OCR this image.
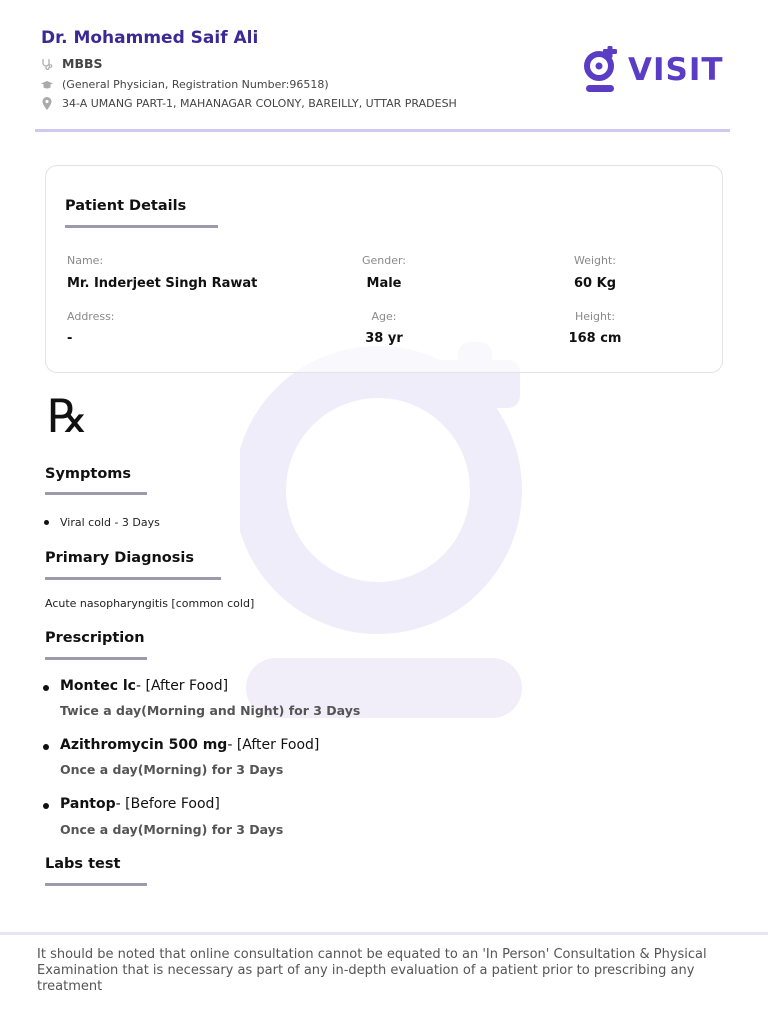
Dr. Mohammed Saif Ali
MBBS
(General Physician, Registration Number:96518)
34-A UMANG PART-1, MAHANAGAR COLONY, BAREILLY, UTTAR PRADESH
VISIT
Patient Details
Name:
Mr. Inderjeet Singh Rawat
Gender:
Male
Weight:
60 Kg
Address:
-
Age:
38 yr
Height:
168 cm
℞
Symptoms
Viral cold - 3 Days
Primary Diagnosis
Acute nasopharyngitis [common cold]
Prescription
Montec lc- [After Food]
Twice a day(Morning and Night) for 3 Days
Azithromycin 500 mg- [After Food]
Once a day(Morning) for 3 Days
Pantop- [Before Food]
Once a day(Morning) for 3 Days
Labs test
It should be noted that online consultation cannot be equated to an 'In Person' Consultation & Physical Examination that is necessary as part of any in-depth evaluation of a patient prior to prescribing any treatment
